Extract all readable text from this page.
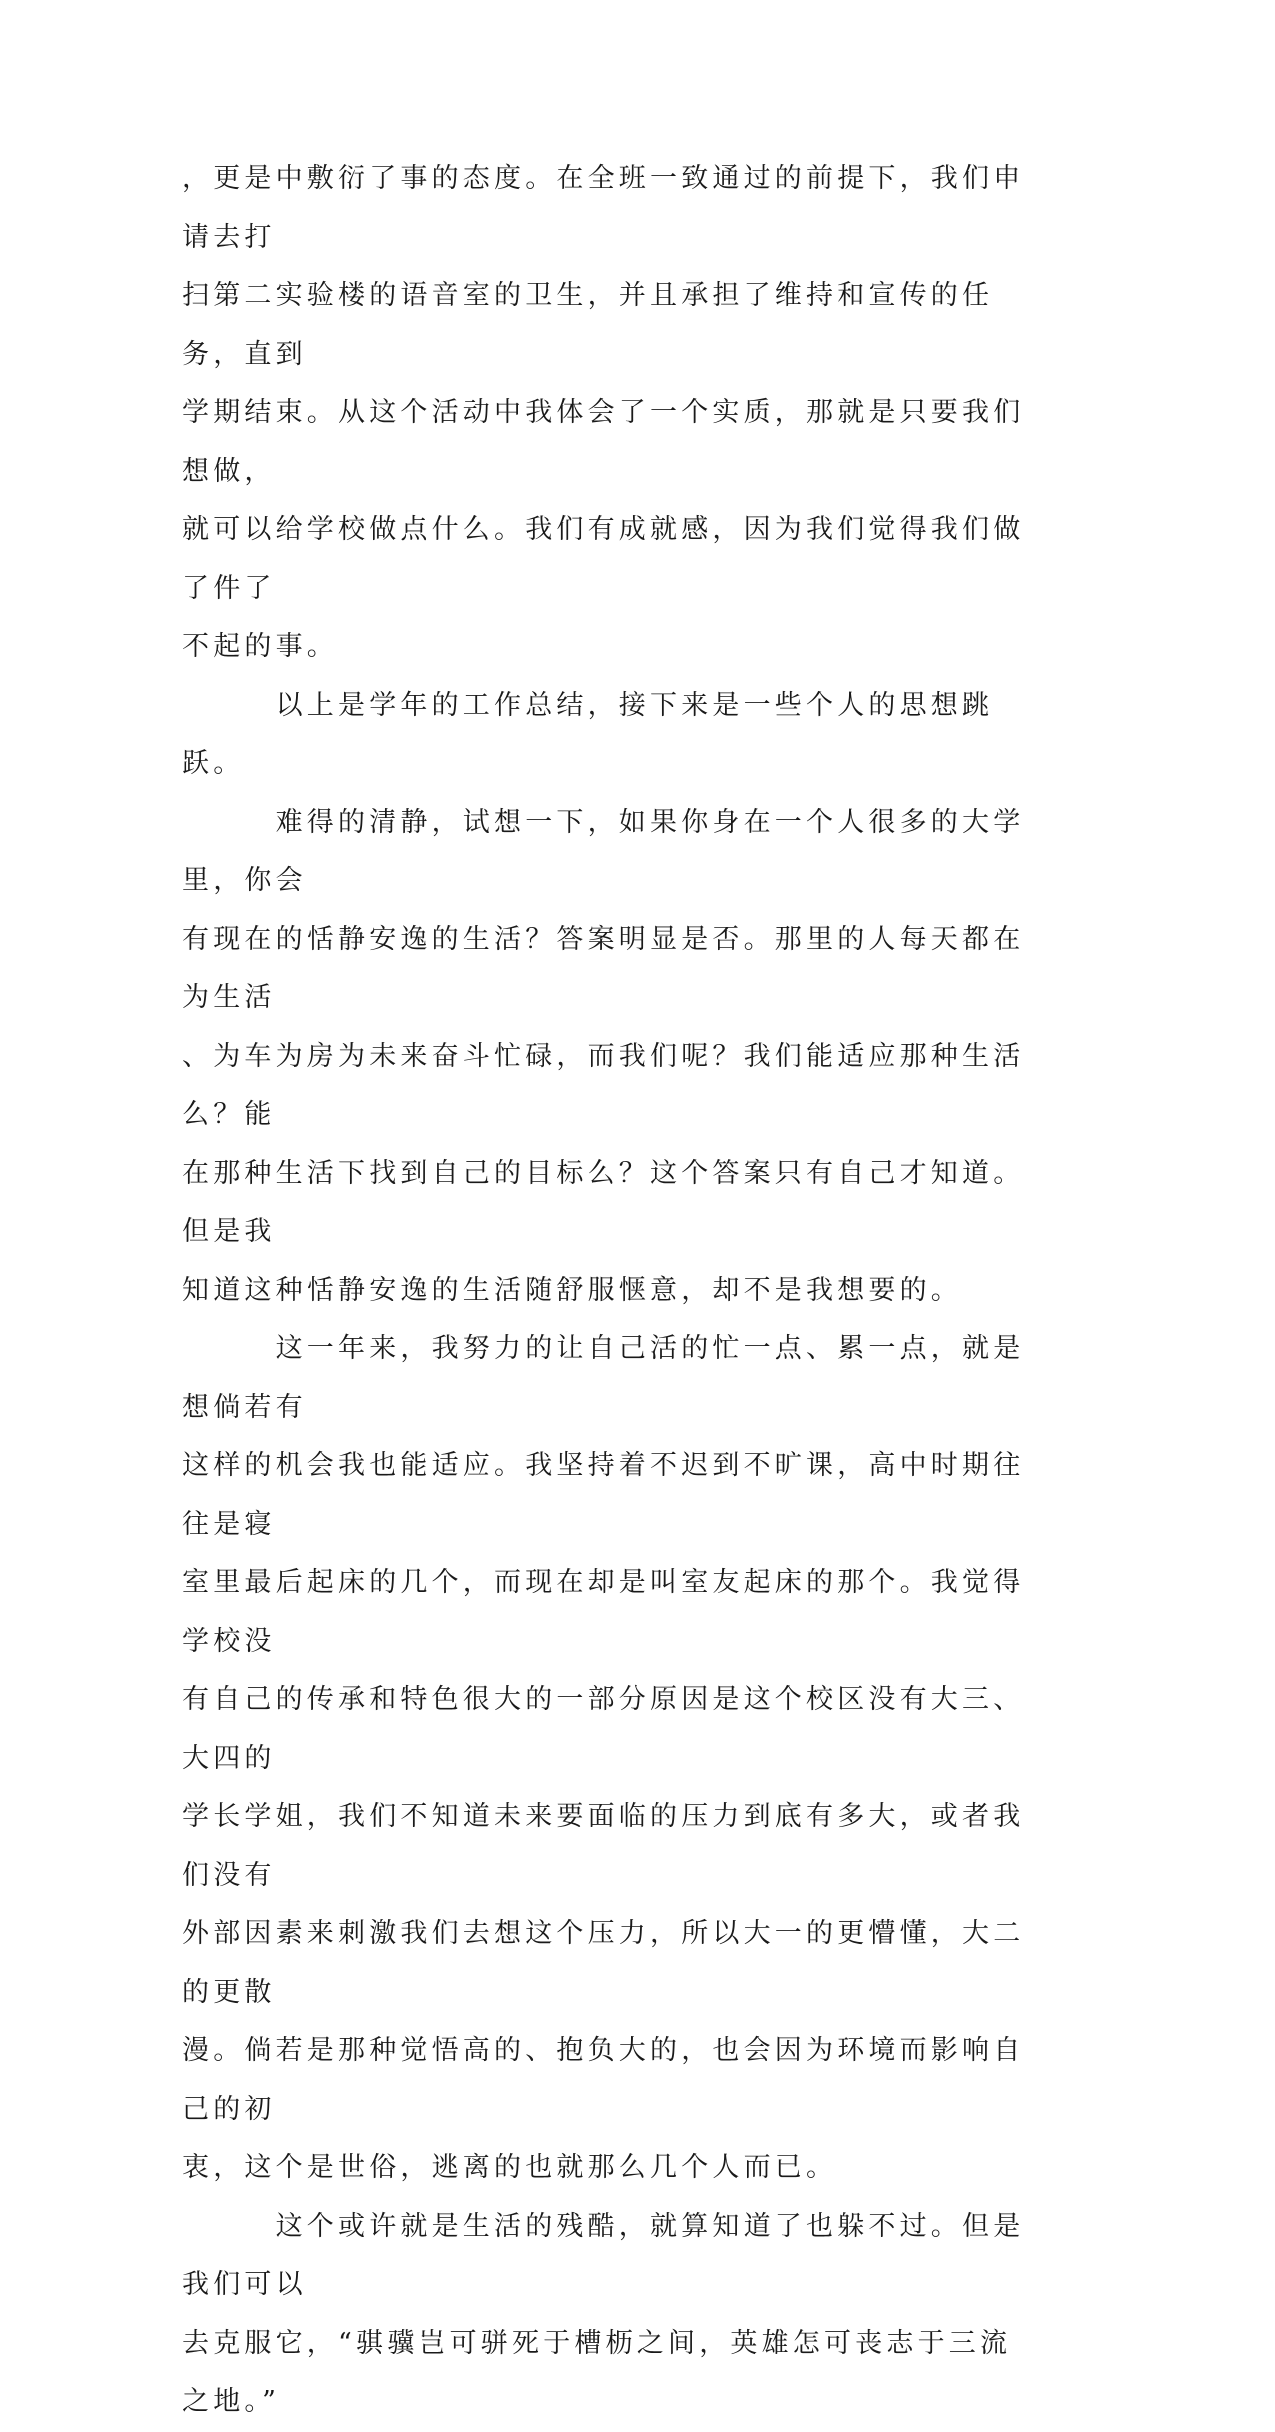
，更是中敷衍了事的态度。在全班一致通过的前提下，我们申请去打
扫第二实验楼的语音室的卫生，并且承担了维持和宣传的任务，直到
学期结束。从这个活动中我体会了一个实质，那就是只要我们想做，
就可以给学校做点什么。我们有成就感，因为我们觉得我们做了件了
不起的事。

　　　以上是学年的工作总结，接下来是一些个人的思想跳跃。

　　　难得的清静，试想一下，如果你身在一个人很多的大学里，你会
有现在的恬静安逸的生活？答案明显是否。那里的人每天都在为生活
、为车为房为未来奋斗忙碌，而我们呢？我们能适应那种生活么？能
在那种生活下找到自己的目标么？这个答案只有自己才知道。但是我
知道这种恬静安逸的生活随舒服惬意，却不是我想要的。

　　　这一年来，我努力的让自己活的忙一点、累一点，就是想倘若有
这样的机会我也能适应。我坚持着不迟到不旷课，高中时期往往是寝
室里最后起床的几个，而现在却是叫室友起床的那个。我觉得学校没
有自己的传承和特色很大的一部分原因是这个校区没有大三、大四的
学长学姐，我们不知道未来要面临的压力到底有多大，或者我们没有
外部因素来刺激我们去想这个压力，所以大一的更懵懂，大二的更散
漫。倘若是那种觉悟高的、抱负大的，也会因为环境而影响自己的初
衷，这个是世俗，逃离的也就那么几个人而已。

　　　这个或许就是生活的残酷，就算知道了也躲不过。但是我们可以
去克服它，“骐骥岂可骈死于槽枥之间，英雄怎可丧志于三流之地。”
